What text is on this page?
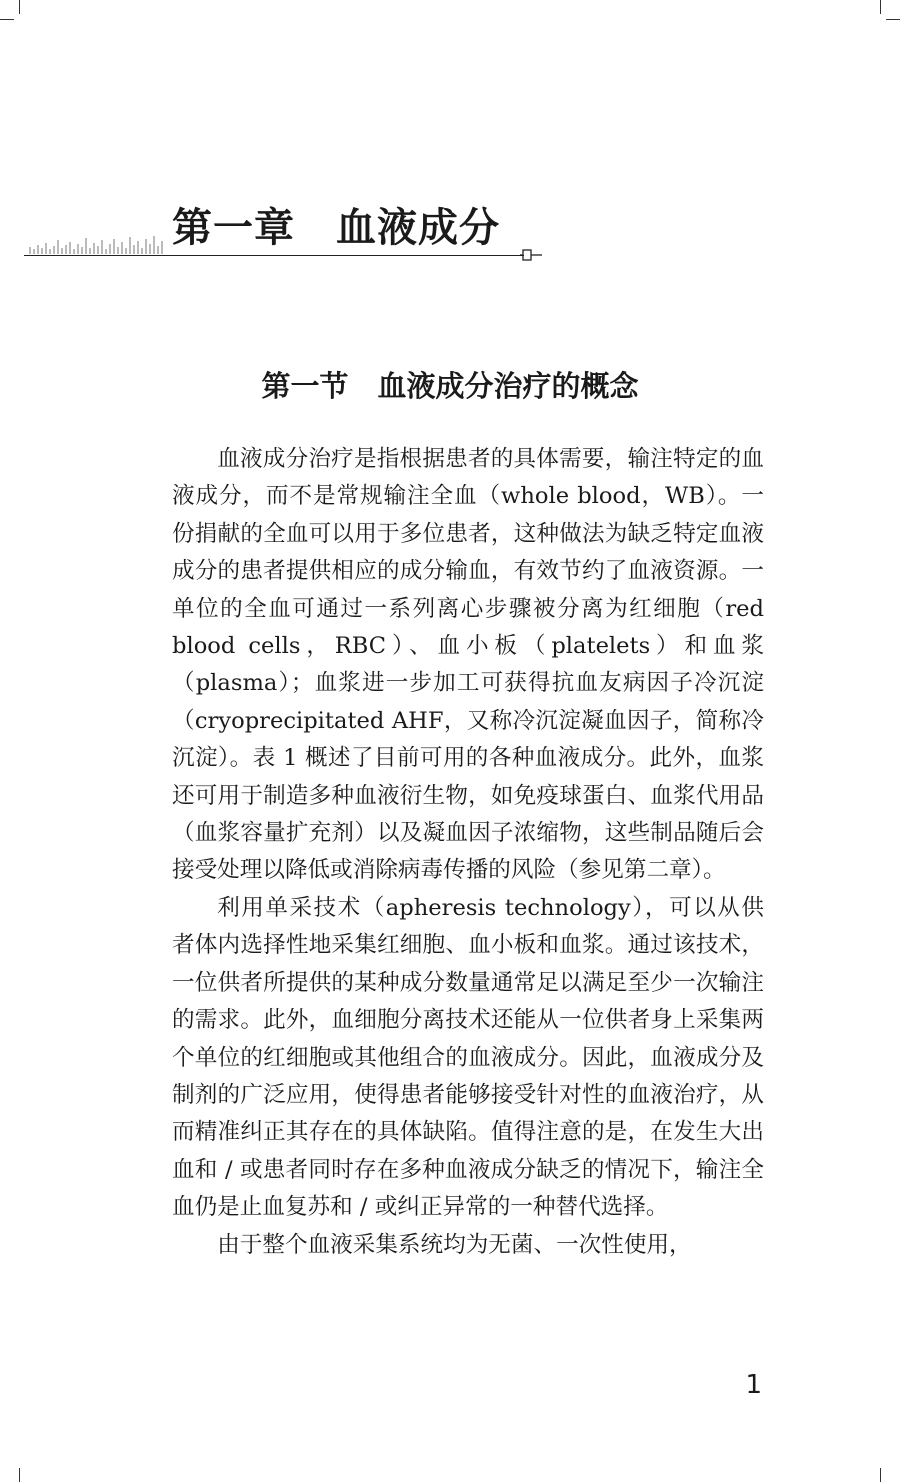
第一章　血液成分
第一节　血液成分治疗的概念

血液成分治疗是指根据患者的具体需要，输注特定的血液成分，而不是常规输注全血（whole blood，WB）。一份捐献的全血可以用于多位患者，这种做法为缺乏特定血液成分的患者提供相应的成分输血，有效节约了血液资源。一单位的全血可通过一系列离心步骤被分离为红细胞（red blood cells，RBC）、血小板（platelets）和血浆（plasma）；血浆进一步加工可获得抗血友病因子冷沉淀（cryoprecipitated AHF，又称冷沉淀凝血因子，简称冷沉淀）。表 1 概述了目前可用的各种血液成分。此外，血浆还可用于制造多种血液衍生物，如免疫球蛋白、血浆代用品（血浆容量扩充剂）以及凝血因子浓缩物，这些制品随后会接受处理以降低或消除病毒传播的风险（参见第二章）。

利用单采技术（apheresis technology），可以从供者体内选择性地采集红细胞、血小板和血浆。通过该技术，一位供者所提供的某种成分数量通常足以满足至少一次输注的需求。此外，血细胞分离技术还能从一位供者身上采集两个单位的红细胞或其他组合的血液成分。因此，血液成分及制剂的广泛应用，使得患者能够接受针对性的血液治疗，从而精准纠正其存在的具体缺陷。值得注意的是，在发生大出血和 / 或患者同时存在多种血液成分缺乏的情况下，输注全血仍是止血复苏和 / 或纠正异常的一种替代选择。

由于整个血液采集系统均为无菌、一次性使用，

1
